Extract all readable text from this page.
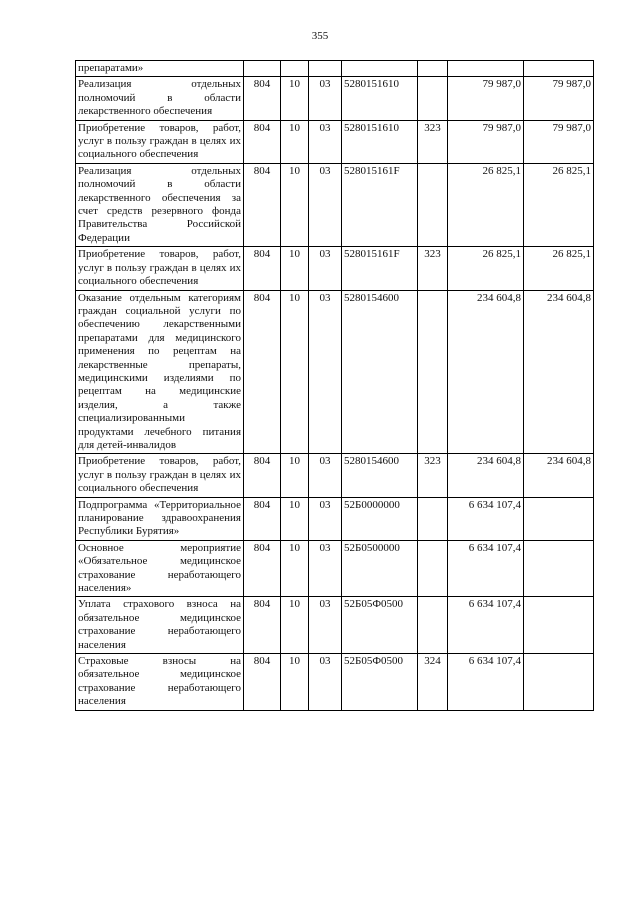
355
препаратами»							
Реализация отдельных полномочий в области лекарственного обеспечения	804	10	03	5280151610		79 987,0	79 987,0
Приобретение товаров, работ, услуг в пользу граждан в целях их социального обеспечения	804	10	03	5280151610	323	79 987,0	79 987,0
Реализация отдельных полномочий в области лекарственного обеспечения за счет средств резервного фонда Правительства Российской Федерации	804	10	03	528015161F		26 825,1	26 825,1
Приобретение товаров, работ, услуг в пользу граждан в целях их социального обеспечения	804	10	03	528015161F	323	26 825,1	26 825,1
Оказание отдельным категориям граждан социальной услуги по обеспечению лекарственными препаратами для медицинского применения по рецептам на лекарственные препараты, медицинскими изделиями по рецептам на медицинские изделия, а также специализированными продуктами лечебного питания для детей-инвалидов	804	10	03	5280154600		234 604,8	234 604,8
Приобретение товаров, работ, услуг в пользу граждан в целях их социального обеспечения	804	10	03	5280154600	323	234 604,8	234 604,8
Подпрограмма «Территориальное планирование здравоохранения Республики Бурятия»	804	10	03	52Б0000000		6 634 107,4	
Основное мероприятие «Обязательное медицинское страхование неработающего населения»	804	10	03	52Б0500000		6 634 107,4	
Уплата страхового взноса на обязательное медицинское страхование неработающего населения	804	10	03	52Б05Ф0500		6 634 107,4	
Страховые взносы на обязательное медицинское страхование неработающего населения	804	10	03	52Б05Ф0500	324	6 634 107,4	
